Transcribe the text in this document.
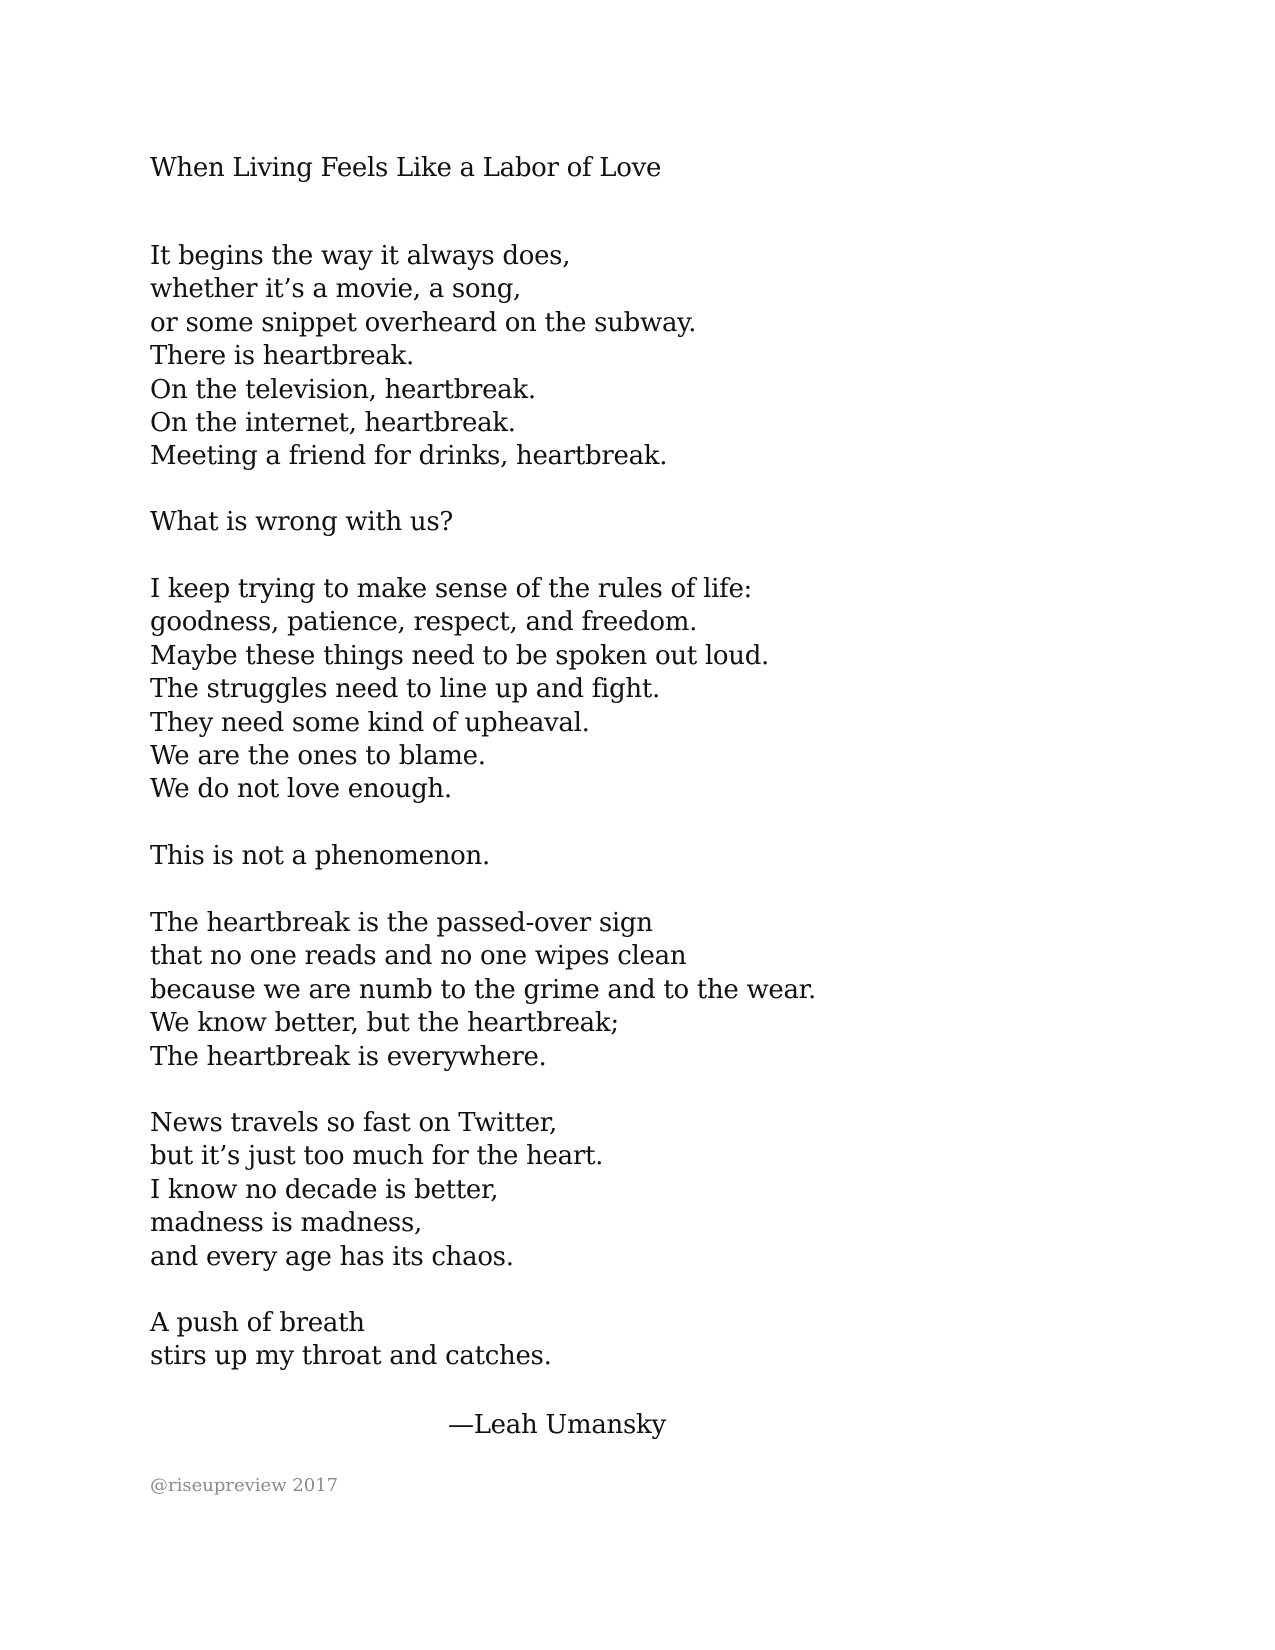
When Living Feels Like a Labor of Love
It begins the way it always does,
whether it’s a movie, a song,
or some snippet overheard on the subway.
There is heartbreak.
On the television, heartbreak.
On the internet, heartbreak.
Meeting a friend for drinks, heartbreak.
What is wrong with us?
I keep trying to make sense of the rules of life:
goodness, patience, respect, and freedom.
Maybe these things need to be spoken out loud.
The struggles need to line up and fight.
They need some kind of upheaval.
We are the ones to blame.
We do not love enough.
This is not a phenomenon.
The heartbreak is the passed-over sign
that no one reads and no one wipes clean
because we are numb to the grime and to the wear.
We know better, but the heartbreak;
The heartbreak is everywhere.
News travels so fast on Twitter,
but it’s just too much for the heart.
I know no decade is better,
madness is madness,
and every age has its chaos.
A push of breath
stirs up my throat and catches.
—Leah Umansky
@riseupreview 2017
